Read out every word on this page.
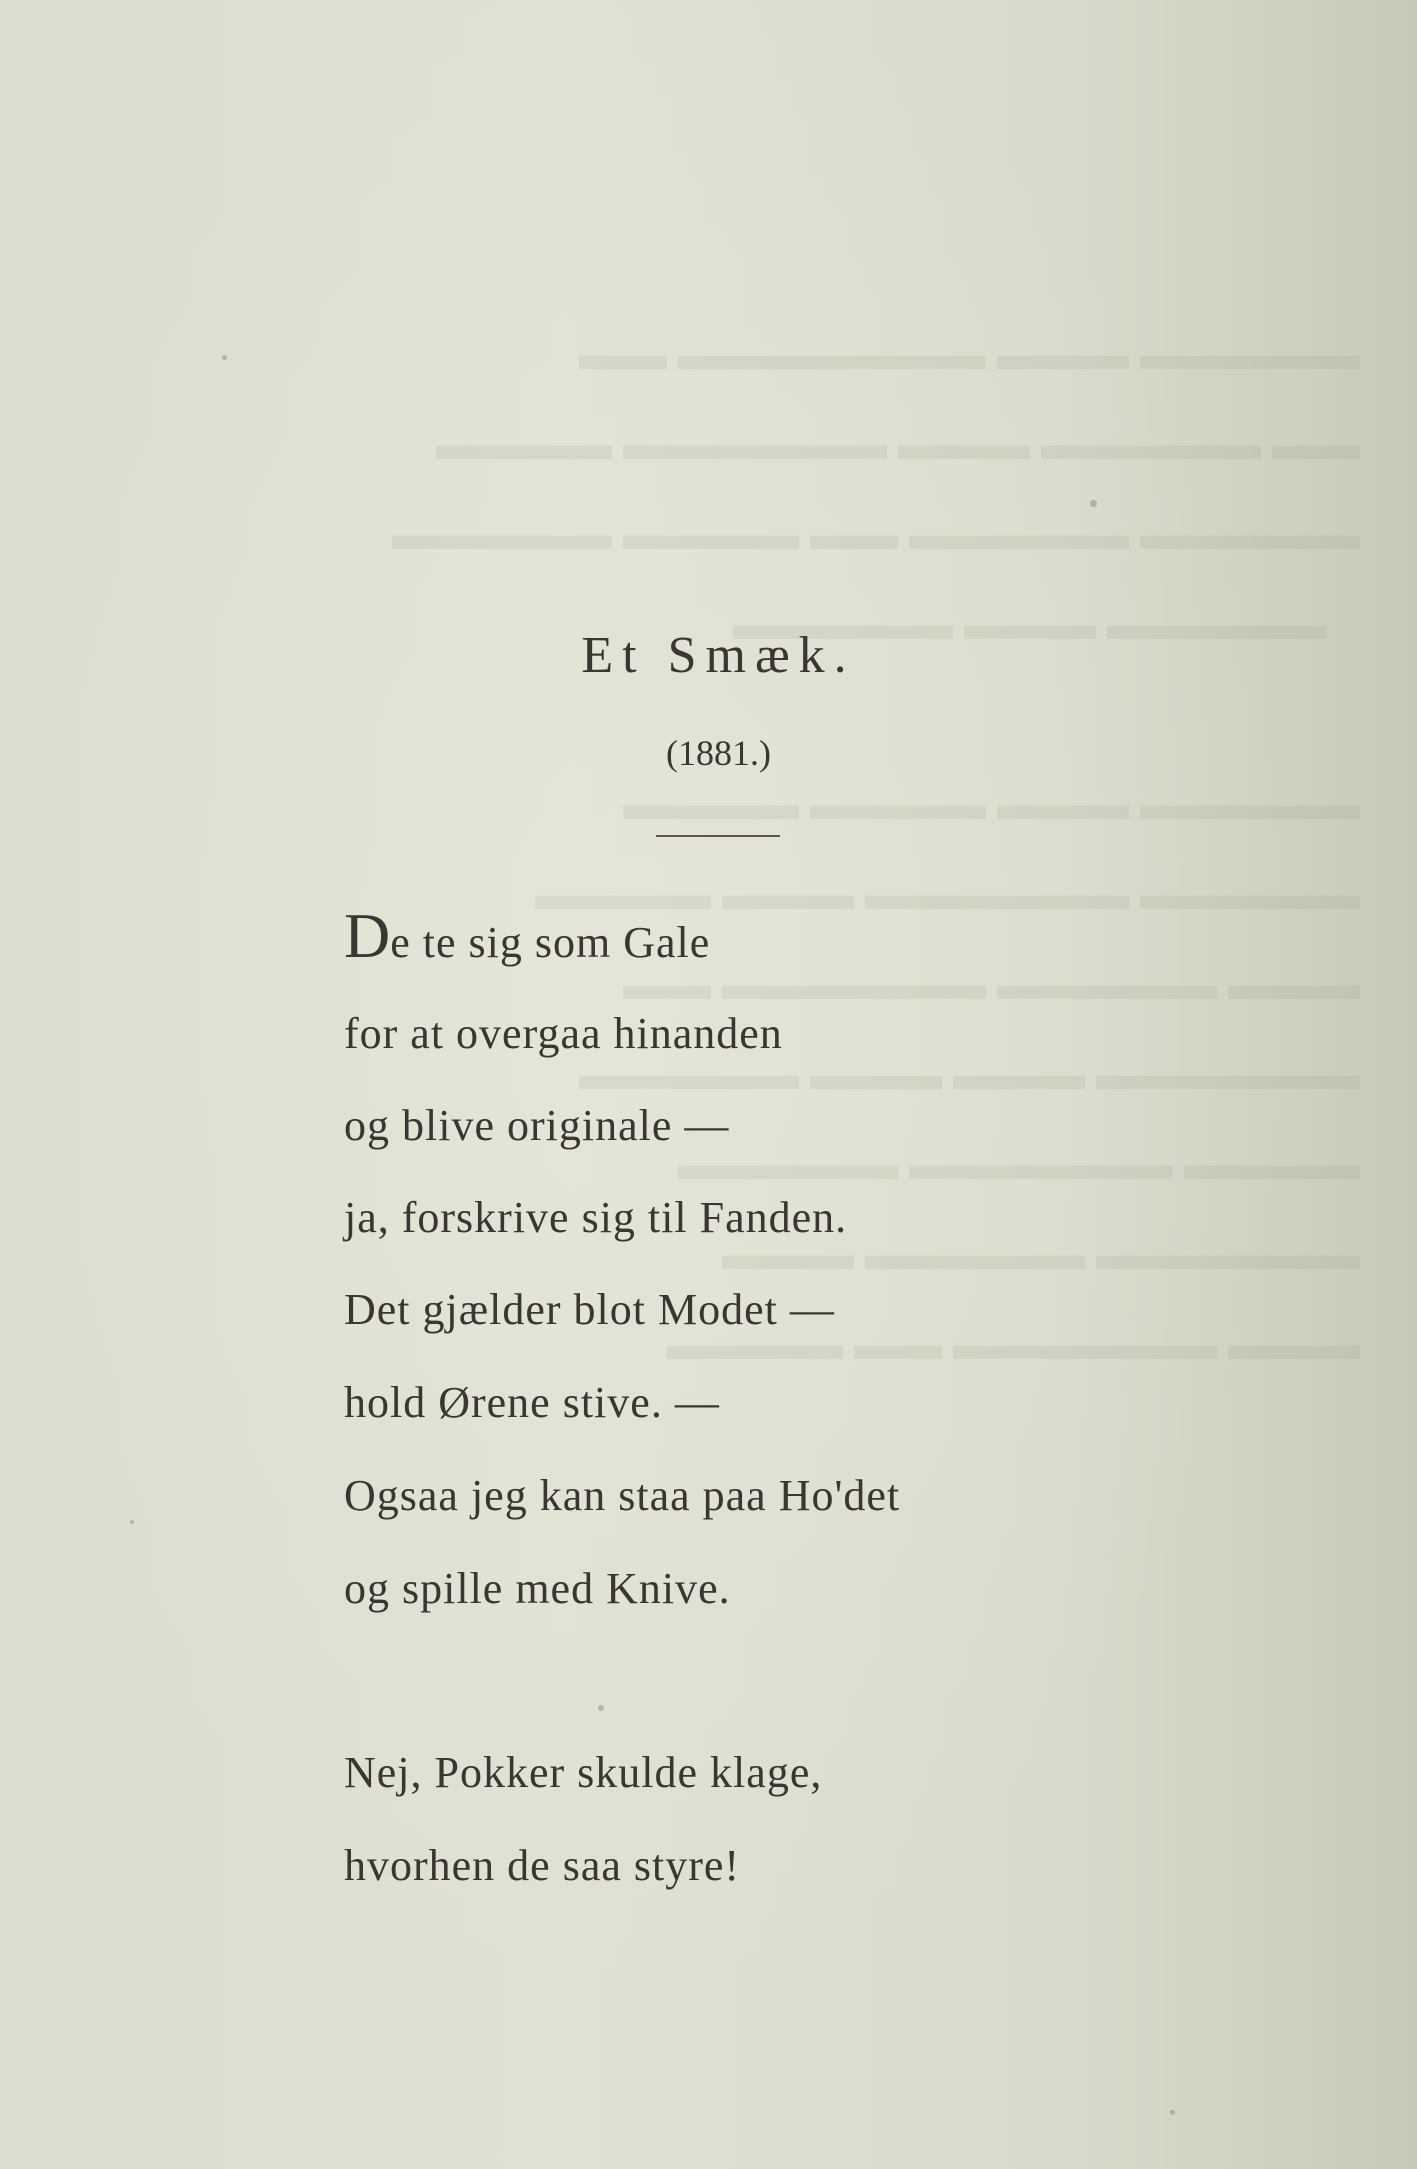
▬▬▬▬▬ ▬▬▬ ▬▬▬▬▬▬▬ ▬▬
▬▬ ▬▬▬▬▬ ▬▬▬ ▬▬▬▬▬▬ ▬▬▬▬
▬▬▬▬▬ ▬▬▬▬▬ ▬▬ ▬▬▬▬ ▬▬▬▬▬
▬▬▬▬▬ ▬▬▬ ▬▬▬▬▬

▬▬▬▬▬ ▬▬▬ ▬▬▬▬ ▬▬▬▬
▬▬▬▬▬ ▬▬▬▬▬▬ ▬▬▬ ▬▬▬▬
▬▬▬ ▬▬▬▬▬ ▬▬▬▬▬▬ ▬▬
▬▬▬▬▬▬ ▬▬▬ ▬▬▬ ▬▬▬▬▬
▬▬▬▬ ▬▬▬▬▬▬ ▬▬▬▬▬
▬▬▬▬▬▬ ▬▬▬▬▬ ▬▬▬
▬▬▬ ▬▬▬▬▬▬ ▬▬ ▬▬▬▬

Et Smæk.
(1881.)
De te sig som Gale
for at overgaa hinanden
og blive originale —
ja, forskrive sig til Fanden.
Det gjælder blot Modet —
hold Ørene stive. —
Ogsaa jeg kan staa paa Ho'det
og spille med Knive.
Nej, Pokker skulde klage,
hvorhen de saa styre!
